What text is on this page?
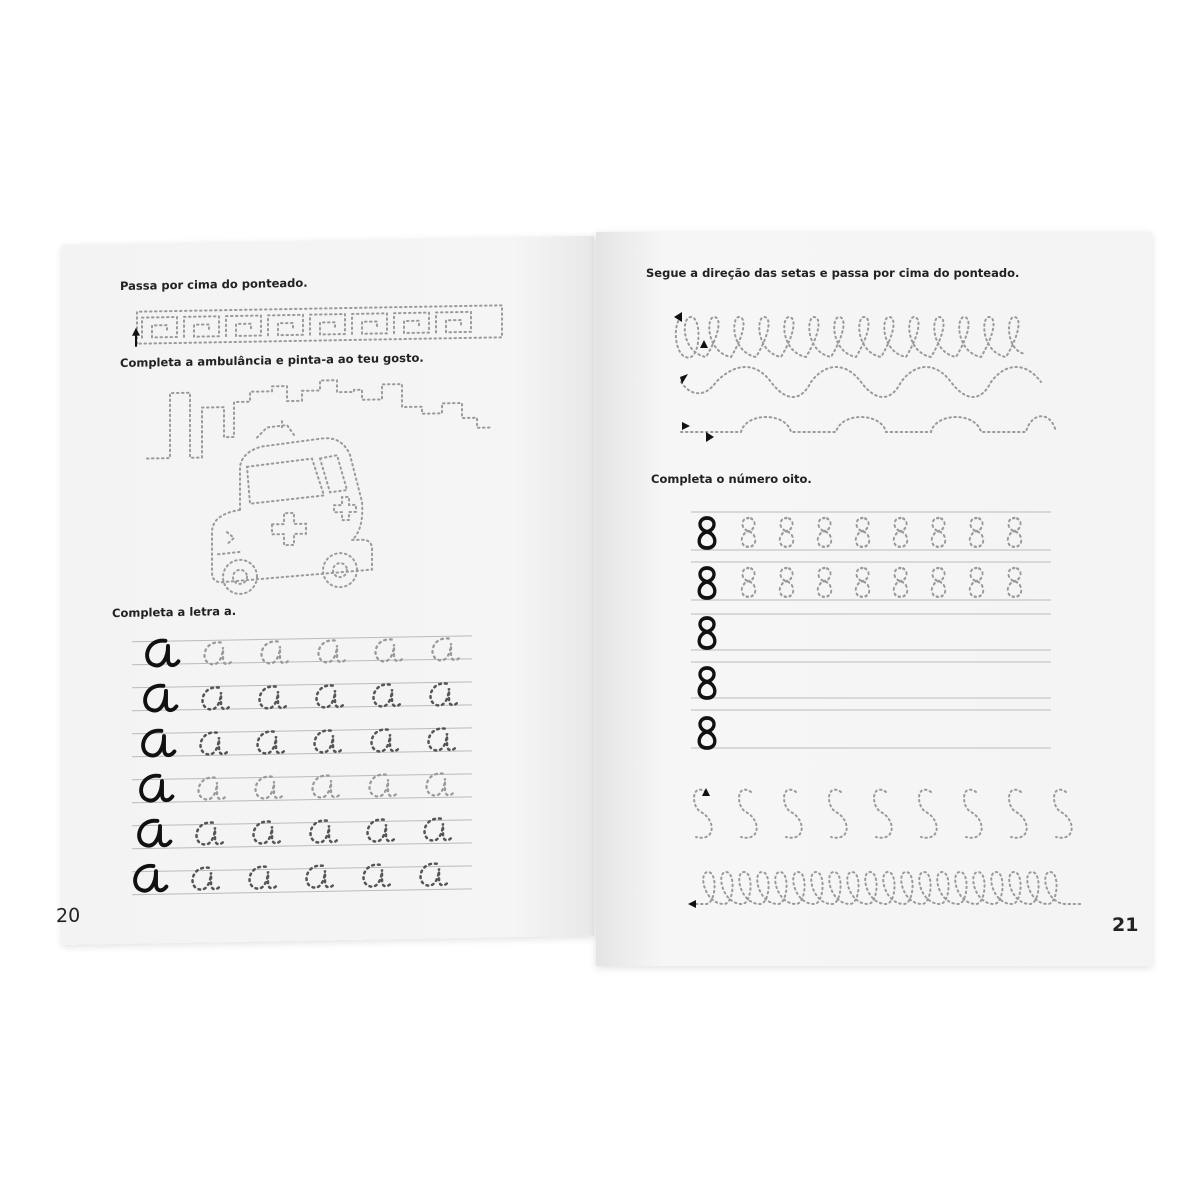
Passa por cima do ponteado.
Completa a ambulância e pinta-a ao teu gosto.
Completa a letra a.
20
Segue a direção das setas e passa por cima do ponteado.
Completa o número oito.
21
